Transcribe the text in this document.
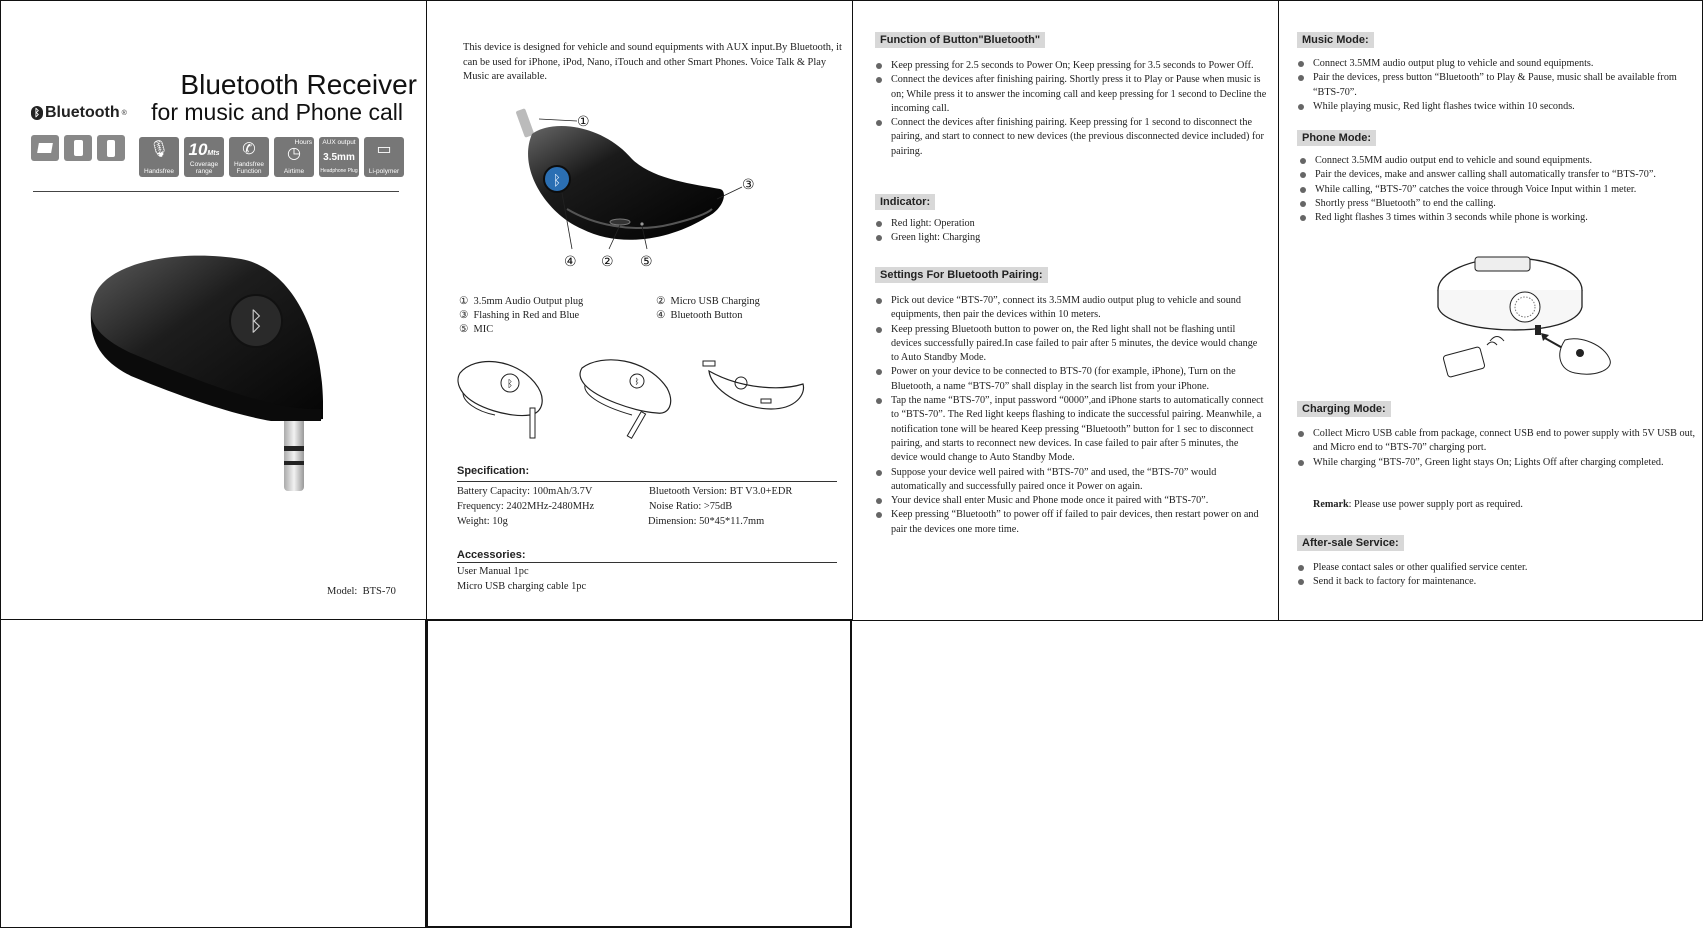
ᛒ Bluetooth ®
Bluetooth Receiver
for music and Phone call
🎙
Handsfree
10Mts
Coverage range
✆
Handsfree Function
Hours
◷
Airtime
AUX output
3.5mm
Headphone Plug
▭
Li-polymer
ᛒ
Model: BTS-70
This device is designed for vehicle and sound equipments with AUX input.By Bluetooth, it can be used for iPhone, iPod, Nano, iTouch and other Smart Phones. Voice Talk & Play Music are available.
ᛒ
①
③
④ ② ⑤
① 3.5mm Audio Output plug	② Micro USB Charging
③ Flashing in Red and Blue	④ Bluetooth Button
⑤ MIC
ᛒ	ᛒ
Specification:
Battery Capacity: 100mAh/3.7V	Bluetooth Version: BT V3.0+EDR
Frequency: 2402MHz-2480MHz	Noise Ratio: >75dB
Weight: 10g	Dimension: 50*45*11.7mm
Accessories:
User Manual 1pc
Micro USB charging cable 1pc
Function of Button"Bluetooth"
Keep pressing for 2.5 seconds to Power On; Keep pressing for 3.5 seconds to Power Off.
Connect the devices after finishing pairing. Shortly press it to Play or Pause when music is on; While press it to answer the incoming call and keep pressing for 1 second to Decline the incoming call.
Connect the devices after finishing pairing. Keep pressing for 1 second to disconnect the pairing, and start to connect to new devices (the previous disconnected device included) for pairing.
Indicator:
Red light: Operation
Green light: Charging
Settings For Bluetooth Pairing:
Pick out device “BTS-70”, connect its 3.5MM audio output plug to vehicle and sound equipments, then pair the devices within 10 meters.
Keep pressing Bluetooth button to power on, the Red light shall not be flashing until devices successfully paired.In case failed to pair after 5 minutes, the device would change to Auto Standby Mode.
Power on your device to be connected to BTS-70 (for example, iPhone), Turn on the Bluetooth, a name “BTS-70” shall display in the search list from your iPhone.
Tap the name “BTS-70”, input password “0000”,and iPhone starts to automatically connect to “BTS-70”. The Red light keeps flashing to indicate the successful pairing. Meanwhile, a notification tone will be heared Keep pressing “Bluetooth” button for 1 sec to disconnect pairing, and starts to reconnect new devices. In case failed to pair after 5 minutes, the device would change to Auto Standby Mode.
Suppose your device well paired with “BTS-70” and used, the “BTS-70” would automatically and successfully paired once it Power on again.
Your device shall enter Music and Phone mode once it paired with “BTS-70”.
Keep pressing “Bluetooth” to power off if failed to pair devices, then restart power on and pair the devices one more time.
Music Mode:
Connect 3.5MM audio output plug to vehicle and sound equipments.
Pair the devices, press button “Bluetooth” to Play & Pause, music shall be available from “BTS-70”.
While playing music, Red light flashes twice within 10 seconds.
Phone Mode:
Connect 3.5MM audio output end to vehicle and sound equipments.
Pair the devices, make and answer calling shall automatically transfer to “BTS-70”.
While calling, “BTS-70” catches the voice through Voice Input within 1 meter.
Shortly press “Bluetooth” to end the calling.
Red light flashes 3 times within 3 seconds while phone is working.
Charging Mode:
Collect Micro USB cable from package, connect USB end to power supply with 5V USB out, and Micro end to “BTS-70” charging port.
While charging “BTS-70”, Green light stays On; Lights Off after charging completed.
Remark: Please use power supply port as required.
After-sale Service:
Please contact sales or other qualified service center.
Send it back to factory for maintenance.
